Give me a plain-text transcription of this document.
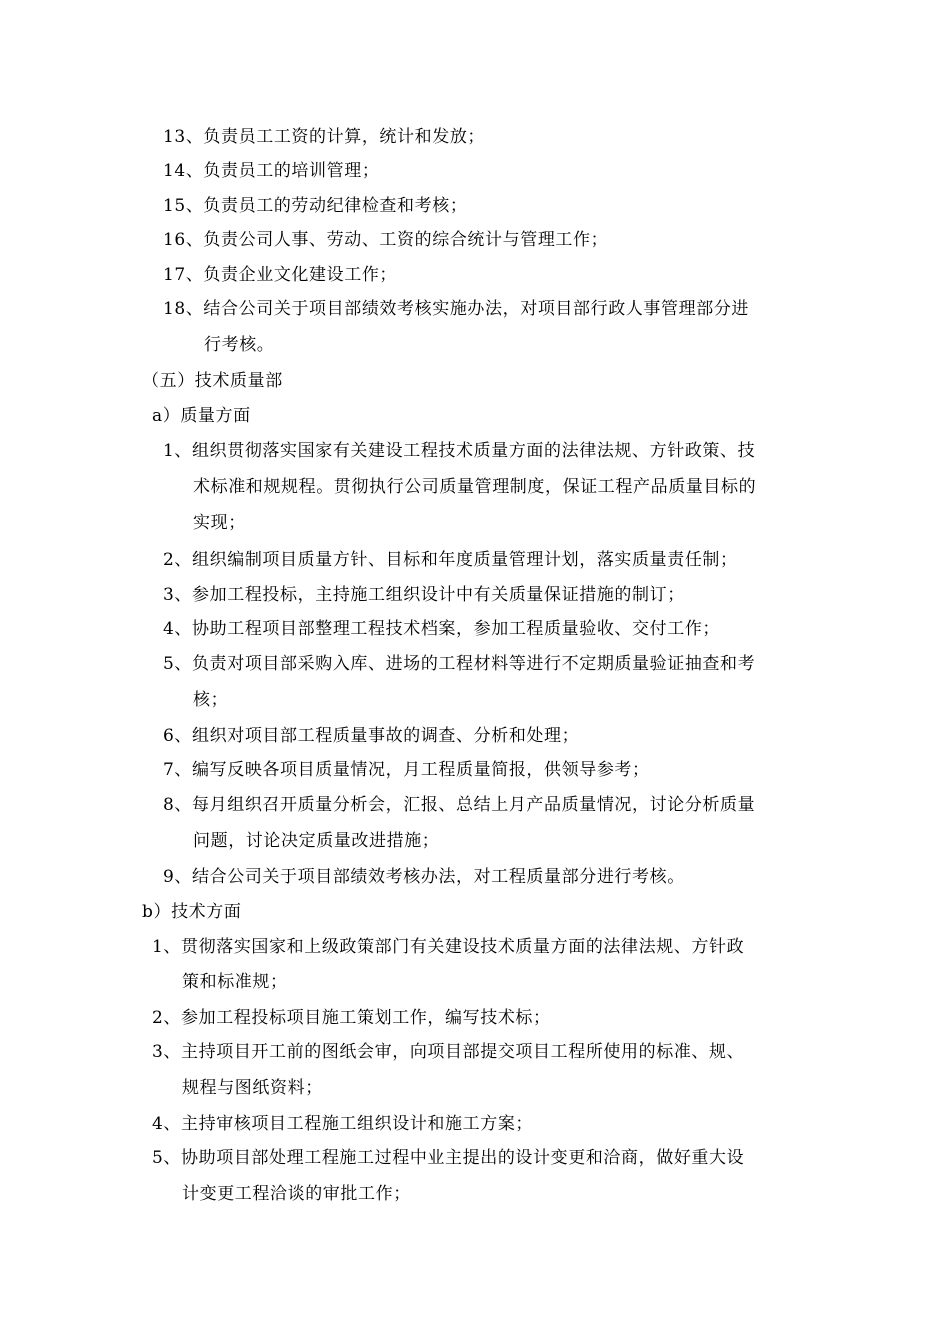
13、负责员工工资的计算，统计和发放；
14、负责员工的培训管理；
15、负责员工的劳动纪律检查和考核；
16、负责公司人事、劳动、工资的综合统计与管理工作；
17、负责企业文化建设工作；
18、结合公司关于项目部绩效考核实施办法，对项目部行政人事管理部分进
行考核。
（五）技术质量部
a）质量方面
1、组织贯彻落实国家有关建设工程技术质量方面的法律法规、方针政策、技
术标准和规规程。贯彻执行公司质量管理制度，保证工程产品质量目标的
实现；
2、组织编制项目质量方针、目标和年度质量管理计划，落实质量责任制；
3、参加工程投标，主持施工组织设计中有关质量保证措施的制订；
4、协助工程项目部整理工程技术档案，参加工程质量验收、交付工作；
5、负责对项目部采购入库、进场的工程材料等进行不定期质量验证抽查和考
核；
6、组织对项目部工程质量事故的调查、分析和处理；
7、编写反映各项目质量情况，月工程质量简报，供领导参考；
8、每月组织召开质量分析会，汇报、总结上月产品质量情况，讨论分析质量
问题，讨论决定质量改进措施；
9、结合公司关于项目部绩效考核办法，对工程质量部分进行考核。
b）技术方面
1、贯彻落实国家和上级政策部门有关建设技术质量方面的法律法规、方针政
策和标准规；
2、参加工程投标项目施工策划工作，编写技术标；
3、主持项目开工前的图纸会审，向项目部提交项目工程所使用的标准、规、
规程与图纸资料；
4、主持审核项目工程施工组织设计和施工方案；
5、协助项目部处理工程施工过程中业主提出的设计变更和洽商，做好重大设
计变更工程洽谈的审批工作；
